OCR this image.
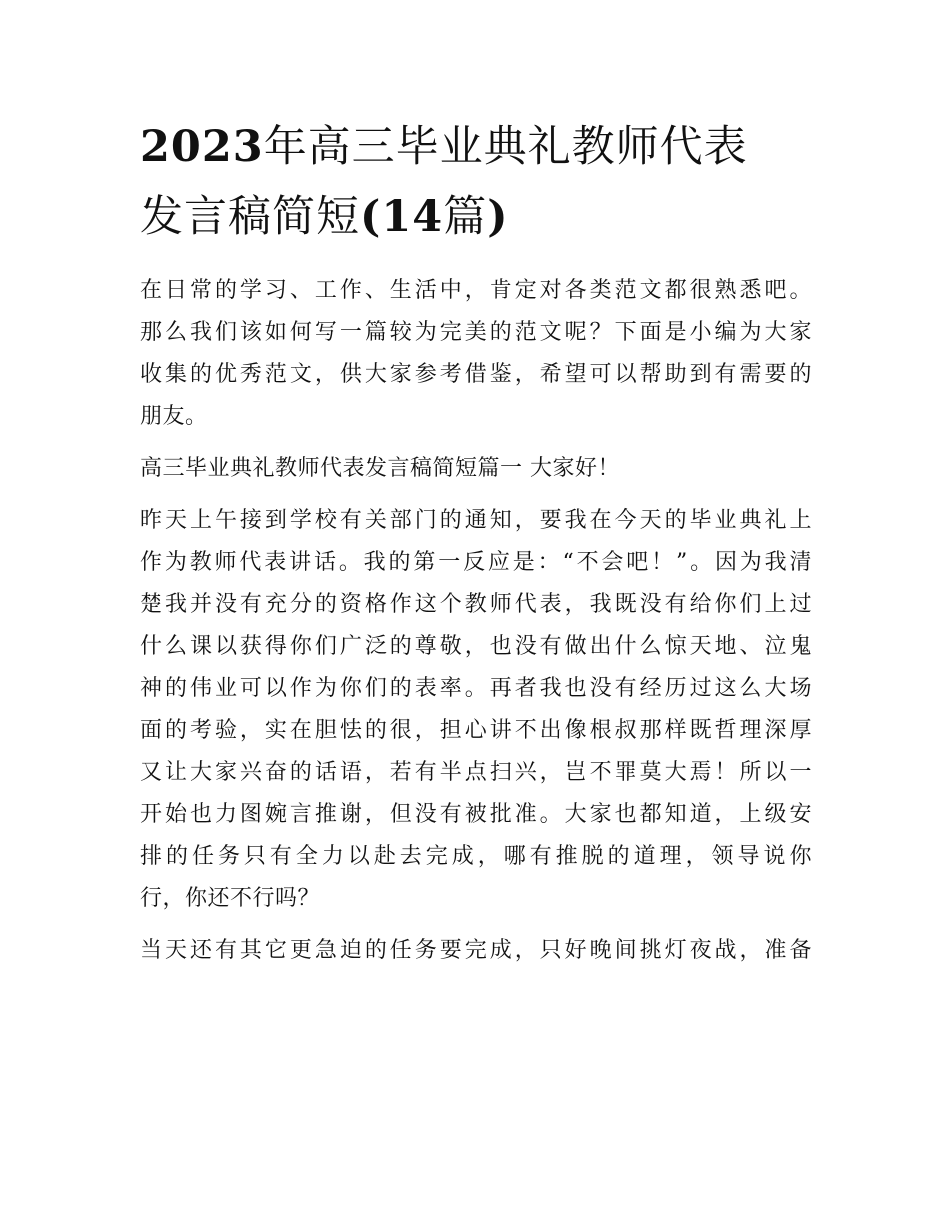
2023年高三毕业典礼教师代表
发言稿简短(14篇)
在日常的学习、工作、生活中，肯定对各类范文都很熟悉吧。
那么我们该如何写一篇较为完美的范文呢？下面是小编为大家
收集的优秀范文，供大家参考借鉴，希望可以帮助到有需要的
朋友。
高三毕业典礼教师代表发言稿简短篇一 大家好！
昨天上午接到学校有关部门的通知，要我在今天的毕业典礼上
作为教师代表讲话。我的第一反应是：“不会吧！”。因为我清
楚我并没有充分的资格作这个教师代表，我既没有给你们上过
什么课以获得你们广泛的尊敬，也没有做出什么惊天地、泣鬼
神的伟业可以作为你们的表率。再者我也没有经历过这么大场
面的考验，实在胆怯的很，担心讲不出像根叔那样既哲理深厚
又让大家兴奋的话语，若有半点扫兴，岂不罪莫大焉！所以一
开始也力图婉言推谢，但没有被批准。大家也都知道，上级安
排的任务只有全力以赴去完成，哪有推脱的道理，领导说你
行，你还不行吗？
当天还有其它更急迫的任务要完成，只好晚间挑灯夜战，准备
